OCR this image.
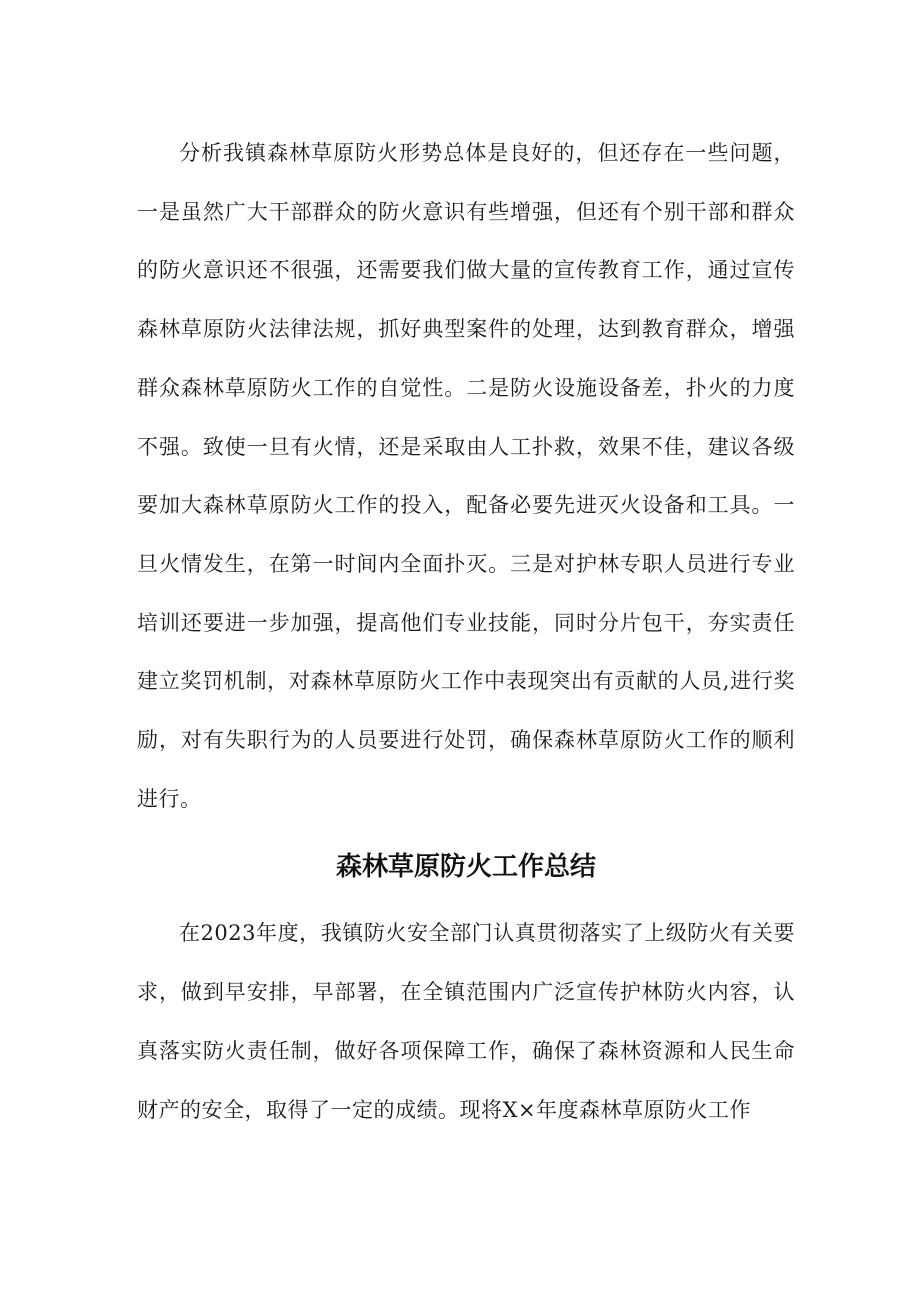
分析我镇森林草原防火形势总体是良好的，但还存在一些问题，一是虽然广大干部群众的防火意识有些增强，但还有个别干部和群众的防火意识还不很强，还需要我们做大量的宣传教育工作，通过宣传森林草原防火法律法规，抓好典型案件的处理，达到教育群众，增强群众森林草原防火工作的自觉性。二是防火设施设备差，扑火的力度不强。致使一旦有火情，还是采取由人工扑救，效果不佳，建议各级要加大森林草原防火工作的投入，配备必要先进灭火设备和工具。一旦火情发生，在第一时间内全面扑灭。三是对护林专职人员进行专业培训还要进一步加强，提高他们专业技能，同时分片包干，夯实责任建立奖罚机制，对森林草原防火工作中表现突出有贡献的人员,进行奖励，对有失职行为的人员要进行处罚，确保森林草原防火工作的顺利进行。

森林草原防火工作总结

在2023年度，我镇防火安全部门认真贯彻落实了上级防火有关要求，做到早安排，早部署，在全镇范围内广泛宣传护林防火内容，认真落实防火责任制，做好各项保障工作，确保了森林资源和人民生命财产的安全，取得了一定的成绩。现将X×年度森林草原防火工作
